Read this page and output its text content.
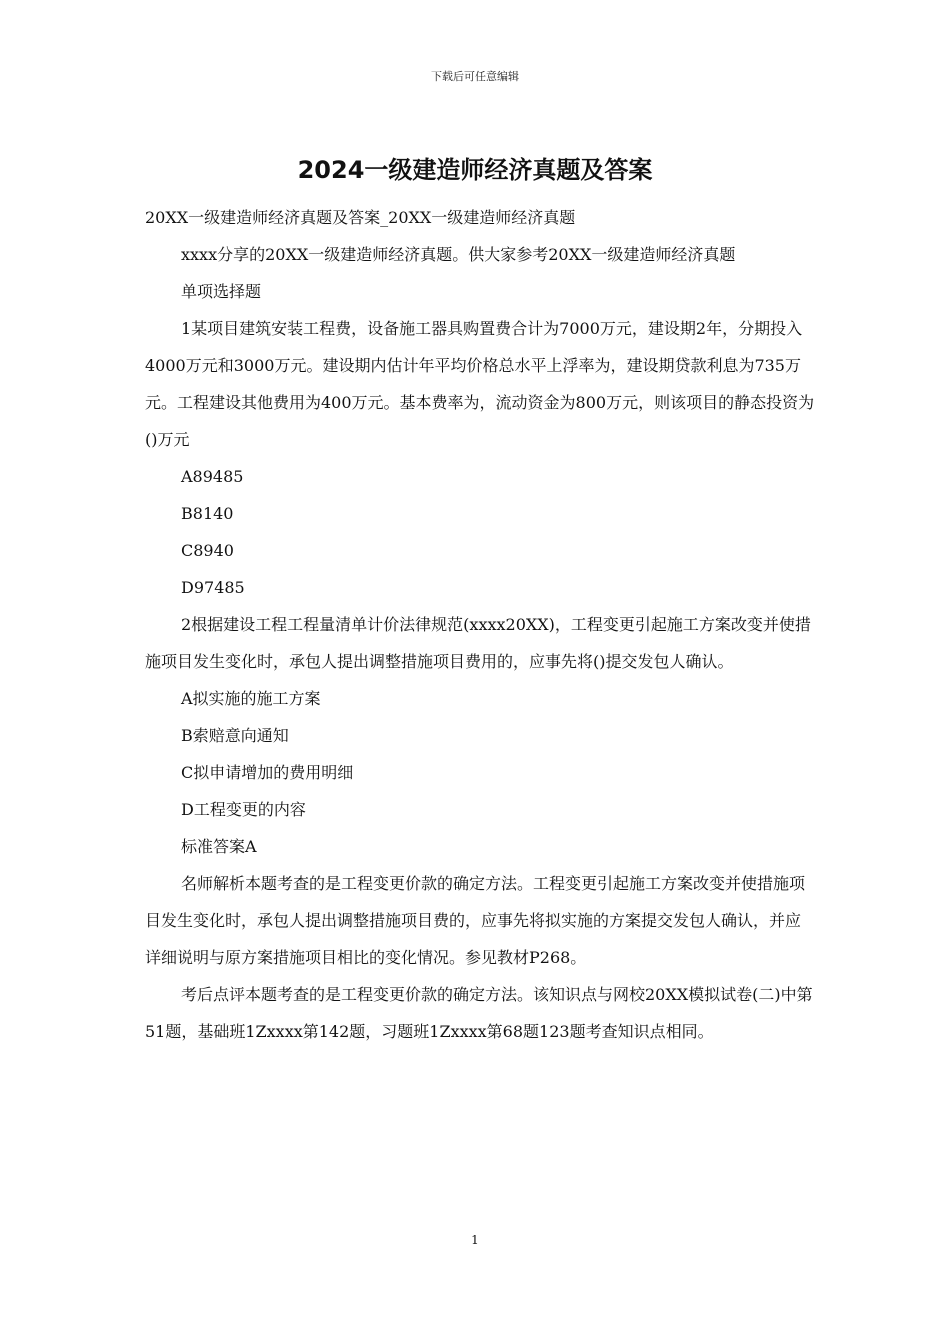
下载后可任意编辑
2024一级建造师经济真题及答案

20XX一级建造师经济真题及答案_20XX一级建造师经济真题

xxxx分享的20XX一级建造师经济真题。供大家参考20XX一级建造师经济真题

单项选择题

1某项目建筑安装工程费，设备施工器具购置费合计为7000万元，建设期2年，分期投入4000万元和3000万元。建设期内估计年平均价格总水平上浮率为，建设期贷款利息为735万元。工程建设其他费用为400万元。基本费率为，流动资金为800万元，则该项目的静态投资为()万元

A89485

B8140

C8940

D97485

2根据建设工程工程量清单计价法律规范(xxxx20XX)，工程变更引起施工方案改变并使措施项目发生变化时，承包人提出调整措施项目费用的，应事先将()提交发包人确认。

A拟实施的施工方案

B索赔意向通知

C拟申请增加的费用明细

D工程变更的内容

标准答案A

名师解析本题考查的是工程变更价款的确定方法。工程变更引起施工方案改变并使措施项目发生变化时，承包人提出调整措施项目费的，应事先将拟实施的方案提交发包人确认，并应详细说明与原方案措施项目相比的变化情况。参见教材P268。

考后点评本题考查的是工程变更价款的确定方法。该知识点与网校20XX模拟试卷(二)中第51题，基础班1Zxxxx第142题，习题班1Zxxxx第68题123题考查知识点相同。

1
